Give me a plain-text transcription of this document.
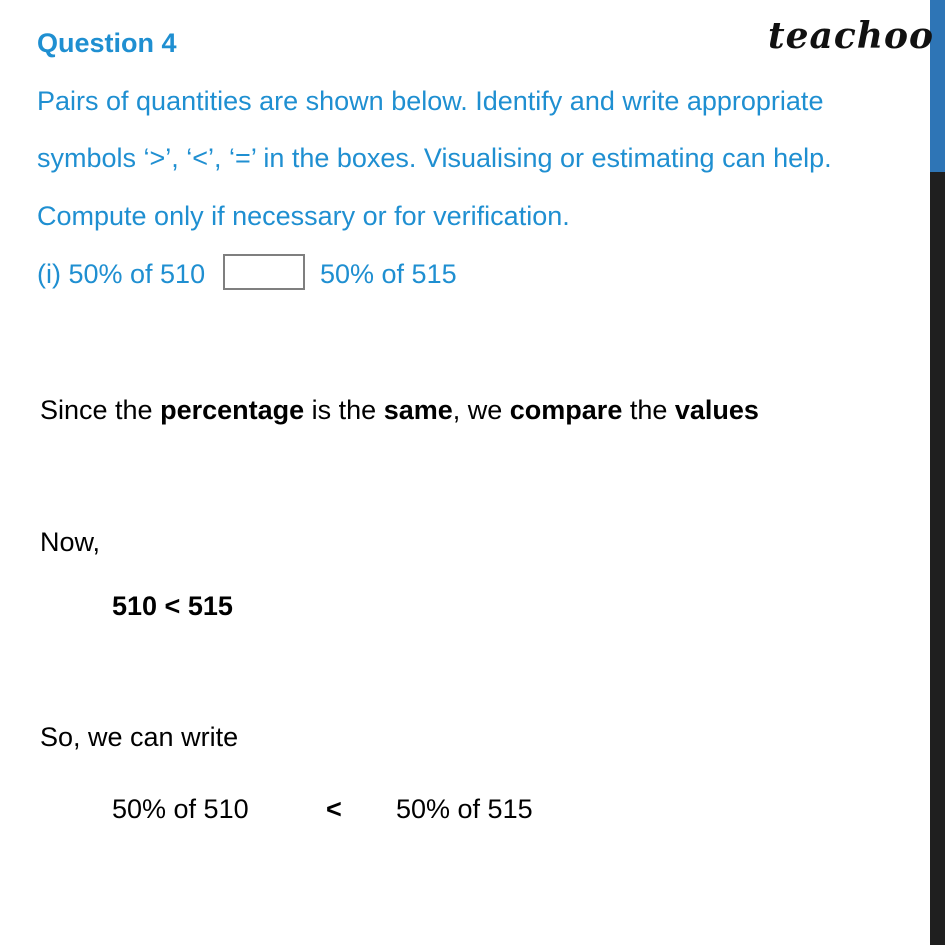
Question 4	teachoo
Pairs of quantities are shown below. Identify and write appropriate
symbols ‘>’, ‘<’, ‘=’ in the boxes. Visualising or estimating can help.
Compute only if necessary or for verification.
(i) 50% of 510	50% of 515
Since the percentage is the same, we compare the values
Now,
510 < 515
So, we can write
50% of 510	< 50% of 515
